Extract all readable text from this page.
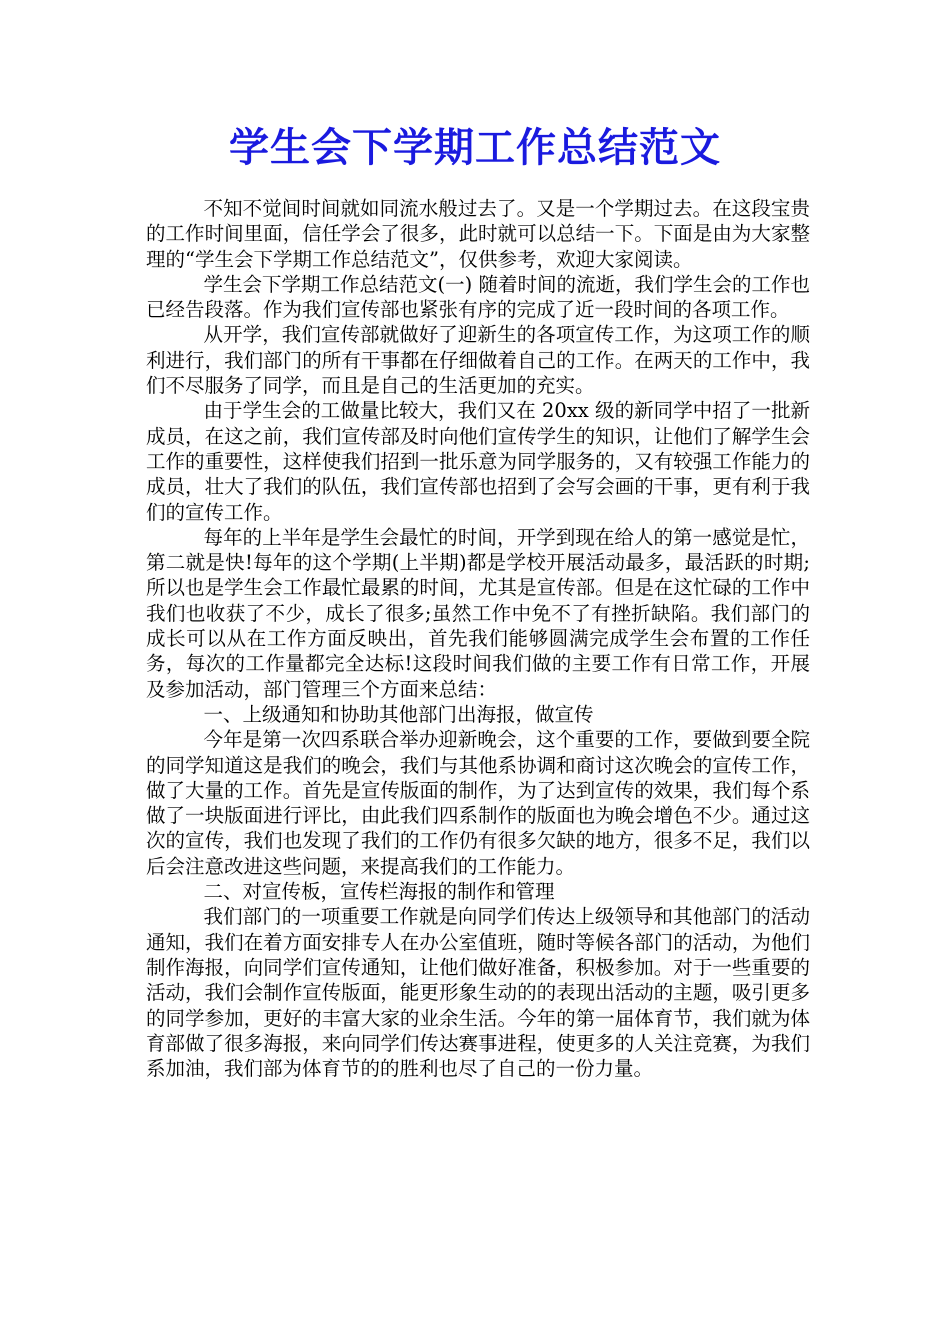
学生会下学期工作总结范文

不知不觉间时间就如同流水般过去了。又是一个学期过去。在这段宝贵的工作时间里面，信任学会了很多，此时就可以总结一下。下面是由为大家整理的“学生会下学期工作总结范文”，仅供参考，欢迎大家阅读。

学生会下学期工作总结范文(一) 随着时间的流逝，我们学生会的工作也已经告段落。作为我们宣传部也紧张有序的完成了近一段时间的各项工作。

从开学，我们宣传部就做好了迎新生的各项宣传工作，为这项工作的顺利进行，我们部门的所有干事都在仔细做着自己的工作。在两天的工作中，我们不尽服务了同学，而且是自己的生活更加的充实。

由于学生会的工做量比较大，我们又在 20xx 级的新同学中招了一批新成员，在这之前，我们宣传部及时向他们宣传学生的知识，让他们了解学生会工作的重要性，这样使我们招到一批乐意为同学服务的，又有较强工作能力的成员，壮大了我们的队伍，我们宣传部也招到了会写会画的干事，更有利于我们的宣传工作。

每年的上半年是学生会最忙的时间，开学到现在给人的第一感觉是忙，第二就是快!每年的这个学期(上半期)都是学校开展活动最多，最活跃的时期;所以也是学生会工作最忙最累的时间，尤其是宣传部。但是在这忙碌的工作中我们也收获了不少，成长了很多;虽然工作中免不了有挫折缺陷。我们部门的成长可以从在工作方面反映出，首先我们能够圆满完成学生会布置的工作任务，每次的工作量都完全达标!这段时间我们做的主要工作有日常工作，开展及参加活动，部门管理三个方面来总结：

一、上级通知和协助其他部门出海报，做宣传

今年是第一次四系联合举办迎新晚会，这个重要的工作，要做到要全院的同学知道这是我们的晚会，我们与其他系协调和商讨这次晚会的宣传工作，做了大量的工作。首先是宣传版面的制作，为了达到宣传的效果，我们每个系做了一块版面进行评比，由此我们四系制作的版面也为晚会增色不少。通过这次的宣传，我们也发现了我们的工作仍有很多欠缺的地方，很多不足，我们以后会注意改进这些问题，来提高我们的工作能力。

二、对宣传板，宣传栏海报的制作和管理

我们部门的一项重要工作就是向同学们传达上级领导和其他部门的活动通知，我们在着方面安排专人在办公室值班，随时等候各部门的活动，为他们制作海报，向同学们宣传通知，让他们做好准备，积极参加。对于一些重要的活动，我们会制作宣传版面，能更形象生动的的表现出活动的主题，吸引更多的同学参加，更好的丰富大家的业余生活。今年的第一届体育节，我们就为体育部做了很多海报，来向同学们传达赛事进程，使更多的人关注竞赛，为我们系加油，我们部为体育节的的胜利也尽了自己的一份力量。
